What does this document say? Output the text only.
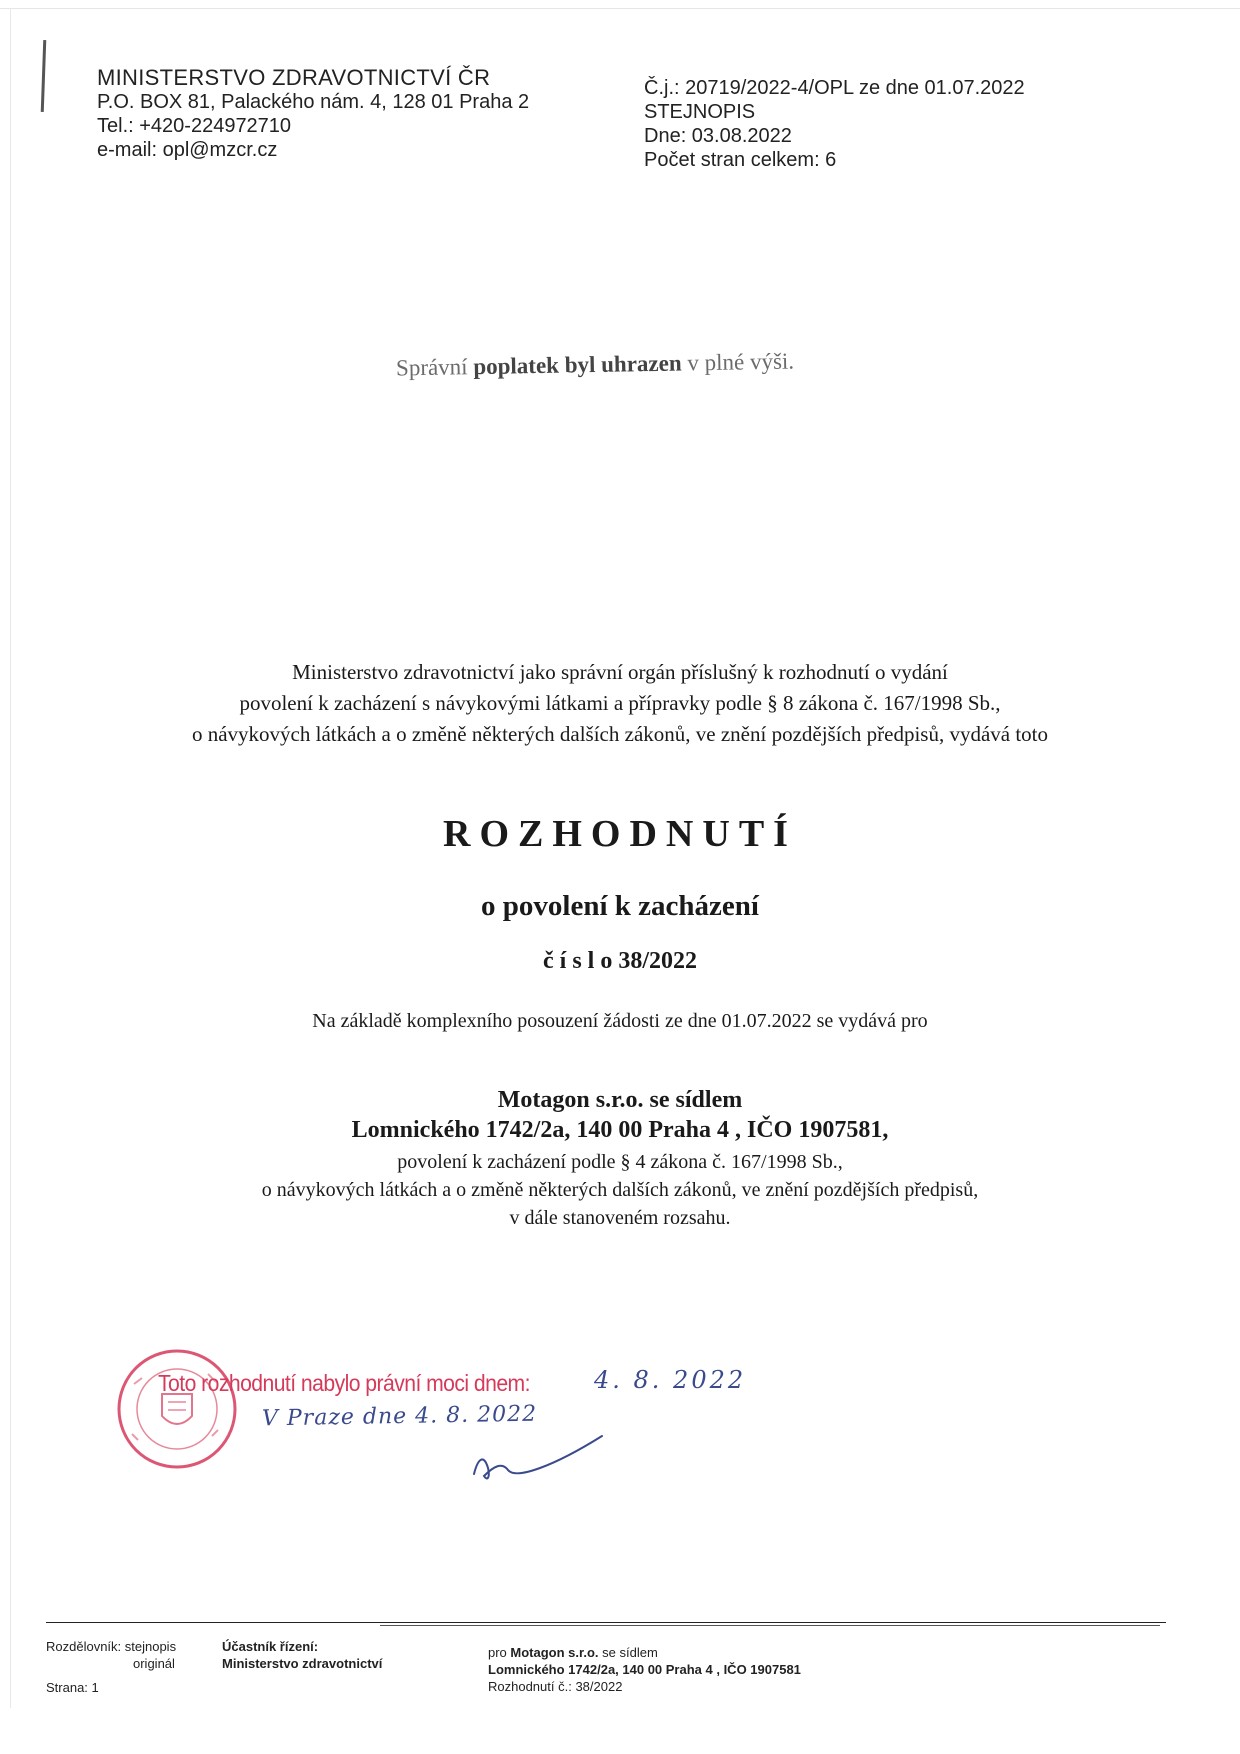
MINISTERSTVO ZDRAVOTNICTVÍ ČR
P.O. BOX 81, Palackého nám. 4, 128 01 Praha 2
Tel.: +420-224972710
e-mail: opl@mzcr.cz
Č.j.: 20719/2022-4/OPL ze dne 01.07.2022
STEJNOPIS
Dne: 03.08.2022
Počet stran celkem: 6
Správní poplatek byl uhrazen v plné výši.
Ministerstvo zdravotnictví jako správní orgán příslušný k rozhodnutí o vydání
povolení k zacházení s návykovými látkami a přípravky podle § 8 zákona č. 167/1998 Sb.,
o návykových látkách a o změně některých dalších zákonů, ve znění pozdějších předpisů, vydává toto
ROZHODNUTÍ
o povolení k zacházení
č í s l o 38/2022
Na základě komplexního posouzení žádosti ze dne 01.07.2022 se vydává pro
Motagon s.r.o. se sídlem
Lomnického 1742/2a, 140 00 Praha 4 , IČO 1907581,
povolení k zacházení podle § 4 zákona č. 167/1998 Sb.,
o návykových látkách a o změně některých dalších zákonů, ve znění pozdějších předpisů,
v dále stanoveném rozsahu.
Toto rozhodnutí nabylo právní moci dnem:	4. 8. 2022
V Praze dne 4. 8. 2022
Rozdělovník: stejnopis
originál
Strana: 1
Účastník řízení:
Ministerstvo zdravotnictví
pro Motagon s.r.o. se sídlem
Lomnického 1742/2a, 140 00 Praha 4 , IČO 1907581
Rozhodnutí č.: 38/2022
